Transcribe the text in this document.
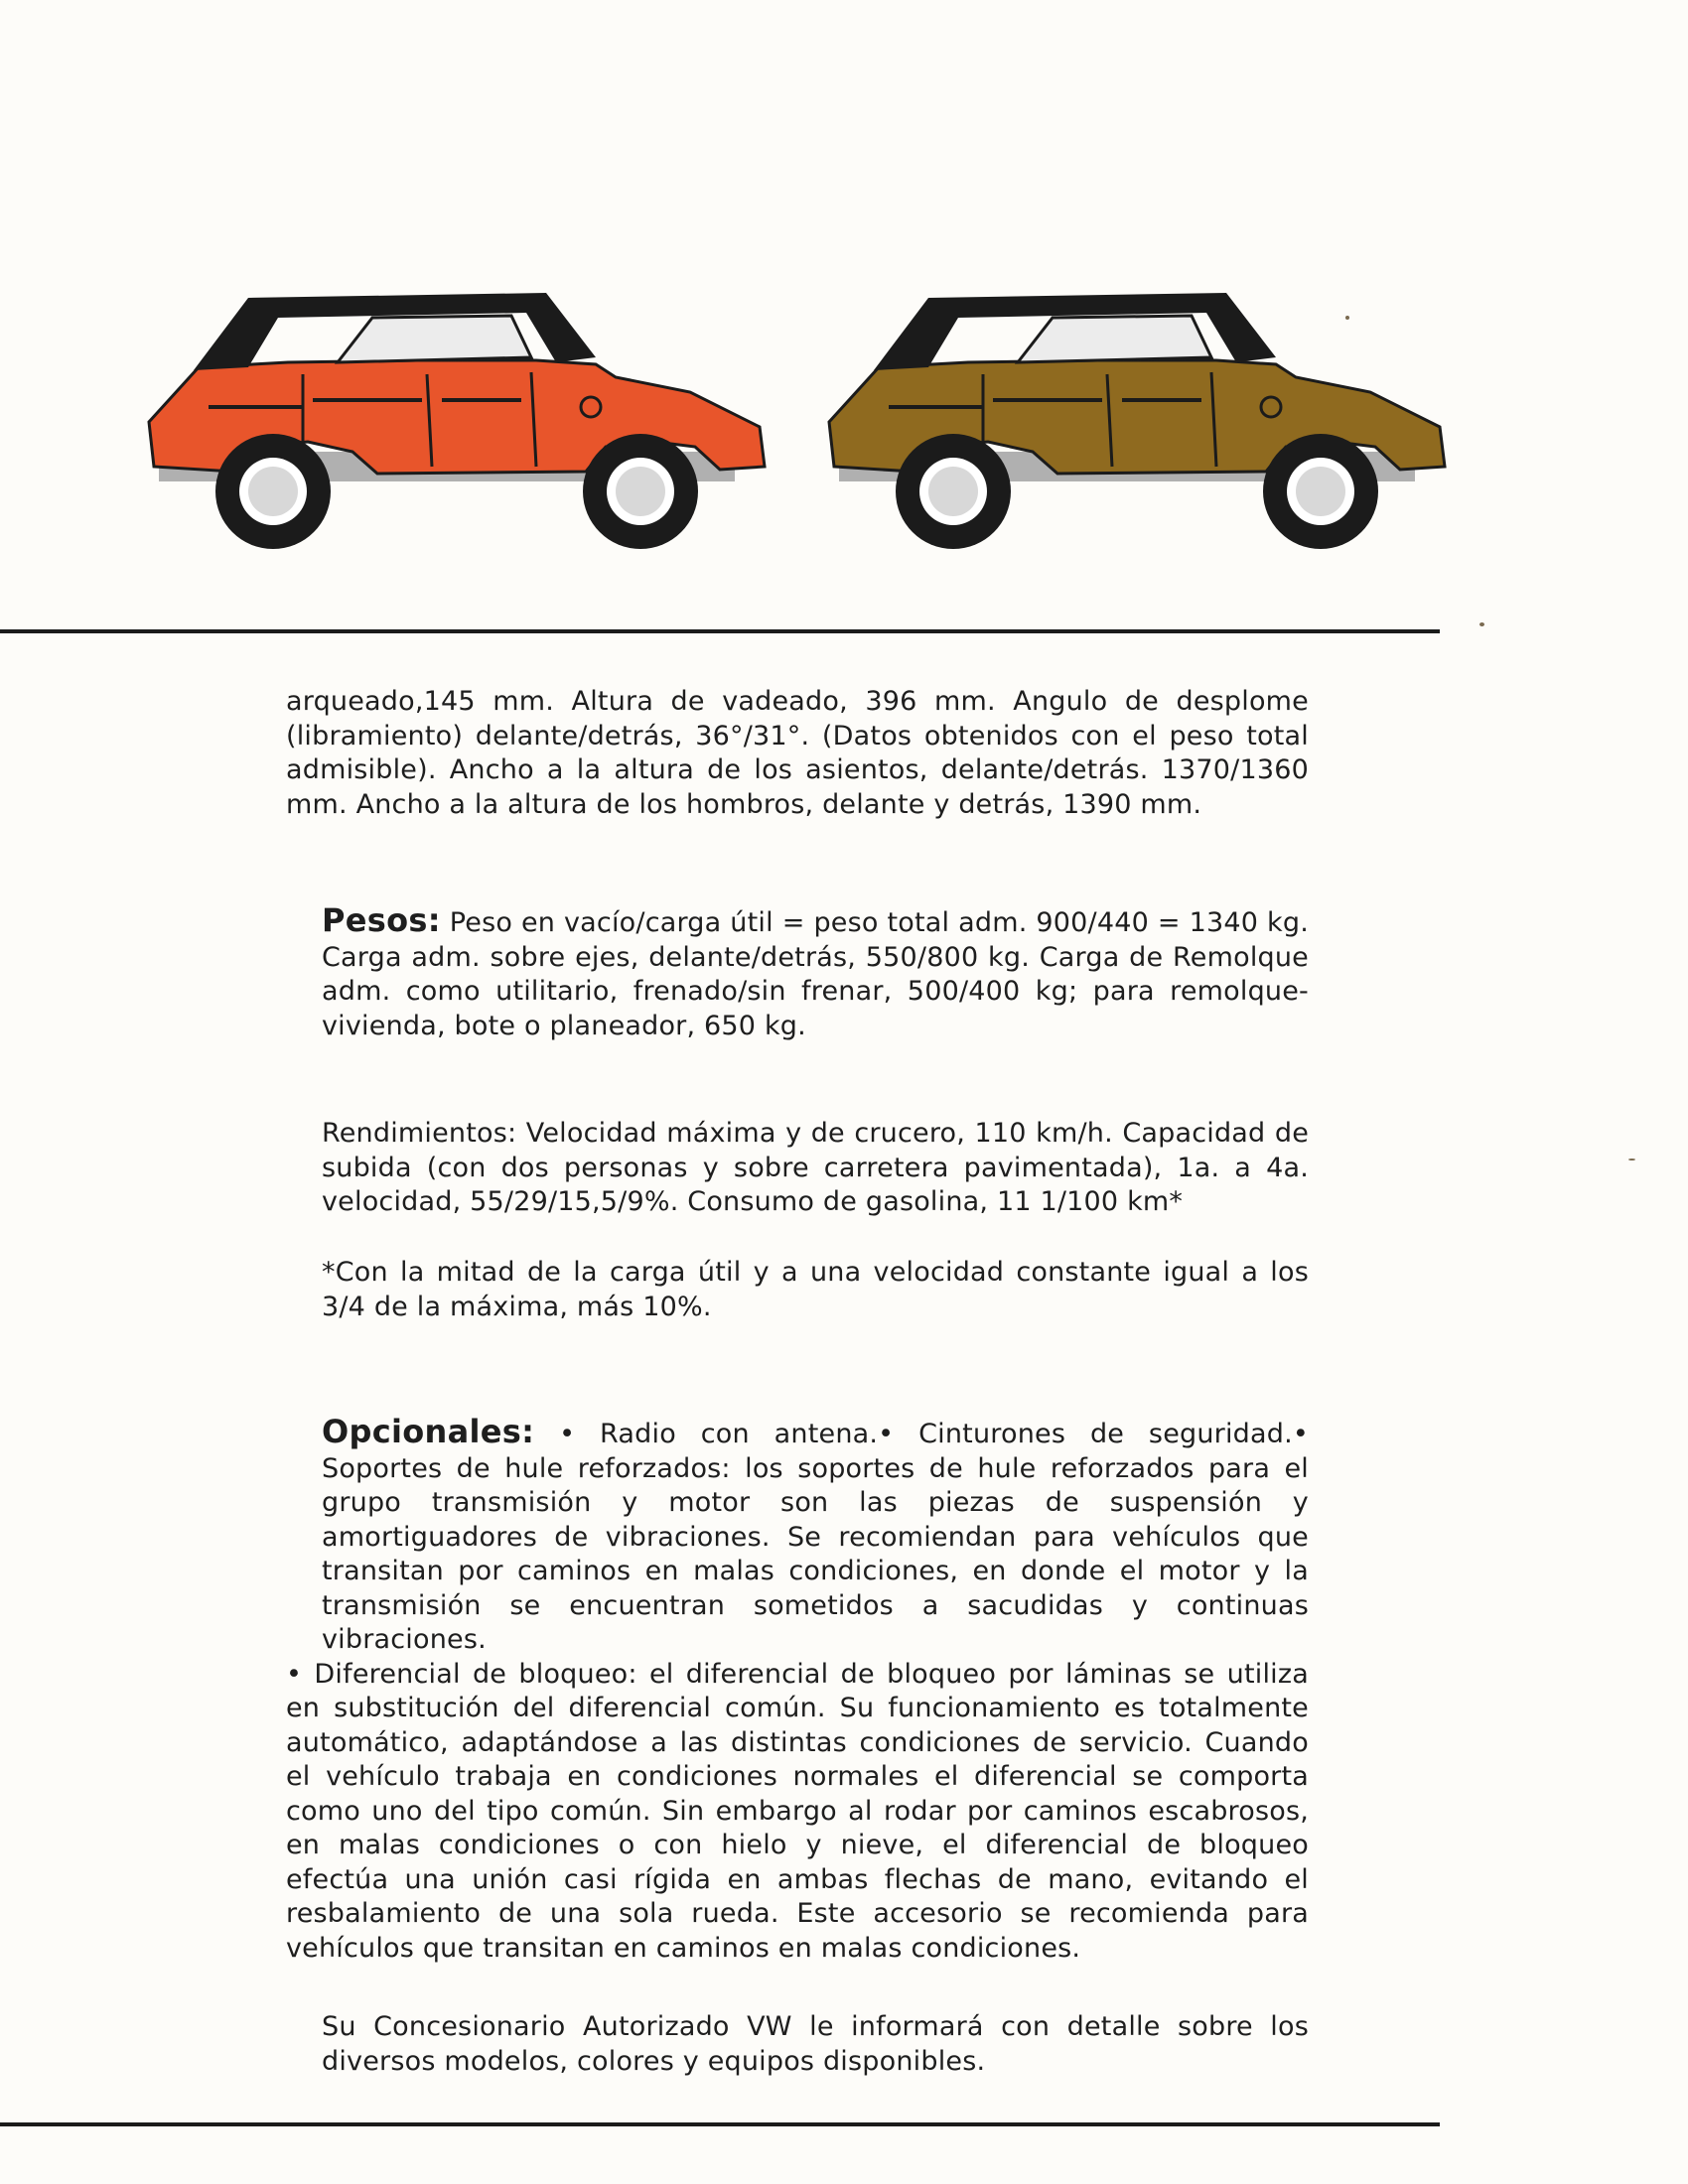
arqueado,145 mm. Altura de vadeado, 396 mm. Angulo de desplome (libramiento) delante/detrás, 36°/31°. (Datos obtenidos con el peso total admisible). Ancho a la altura de los asientos, delante/detrás. 1370/1360 mm. Ancho a la altura de los hombros, delante y detrás, 1390 mm.

Pesos: Peso en vacío/carga útil = peso total adm. 900/440 = 1340 kg. Carga adm. sobre ejes, delante/detrás, 550/800 kg. Carga de Remolque adm. como utilitario, frenado/sin frenar, 500/400 kg; para remolque-vivienda, bote o planeador, 650 kg.

Rendimientos: Velocidad máxima y de crucero, 110 km/h. Capacidad de subida (con dos personas y sobre carretera pavimentada), 1a. a 4a. velocidad, 55/29/15,5/9%. Consumo de gasolina, 11 1/100 km*

*Con la mitad de la carga útil y a una velocidad constante igual a los 3/4 de la máxima, más 10%.

Opcionales: • Radio con antena.• Cinturones de seguridad.• Soportes de hule reforzados: los soportes de hule reforzados para el grupo transmisión y motor son las piezas de suspensión y amortiguadores de vibraciones. Se recomiendan para vehículos que transitan por caminos en malas condiciones, en donde el motor y la transmisión se encuentran sometidos a sacudidas y continuas vibraciones.

• Diferencial de bloqueo: el diferencial de bloqueo por láminas se utiliza en substitución del diferencial común. Su funcionamiento es totalmente automático, adaptándose a las distintas condiciones de servicio. Cuando el vehículo trabaja en condiciones normales el diferencial se comporta como uno del tipo común. Sin embargo al rodar por caminos escabrosos, en malas condiciones o con hielo y nieve, el diferencial de bloqueo efectúa una unión casi rígida en ambas flechas de mano, evitando el resbalamiento de una sola rueda. Este accesorio se recomienda para vehículos que transitan en caminos en malas condiciones.

Su Concesionario Autorizado VW le informará con detalle sobre los diversos modelos, colores y equipos disponibles.
